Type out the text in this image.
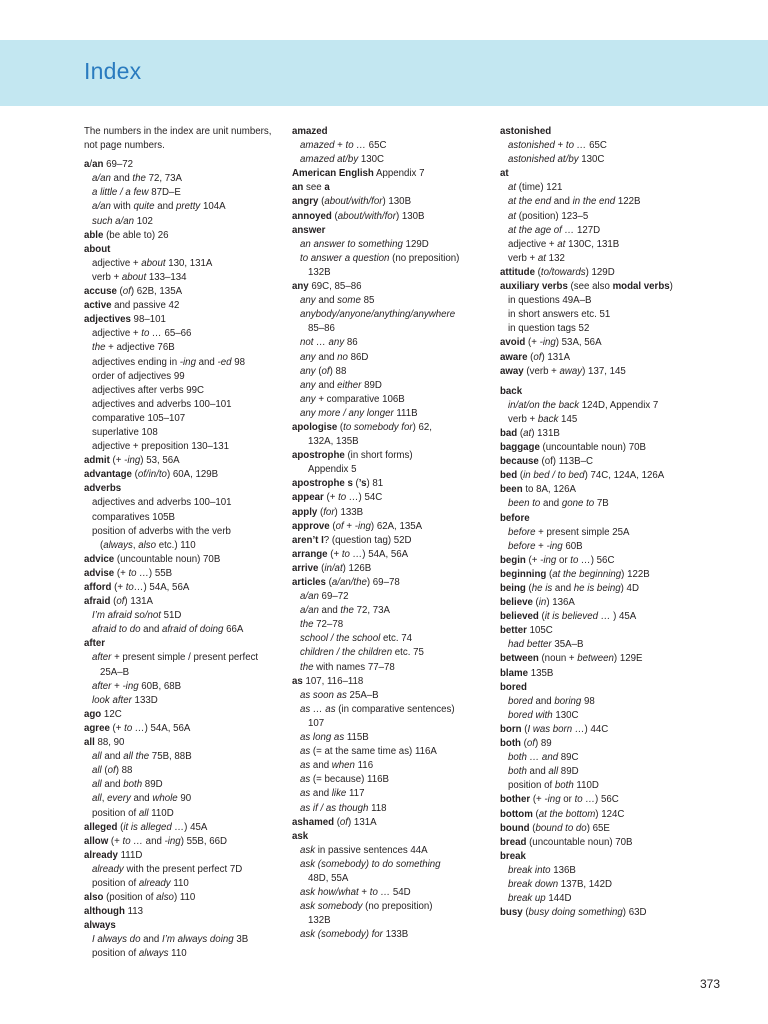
Index
The numbers in the index are unit numbers, not page numbers.
a/an 69–72
a/an and the 72, 73A
a little / a few 87D–E
a/an with quite and pretty 104A
such a/an 102
able (be able to) 26
about
adjective + about 130, 131A
verb + about 133–134
accuse (of) 62B, 135A
active and passive 42
adjectives 98–101
adjective + to … 65–66
the + adjective 76B
adjectives ending in -ing and -ed 98
order of adjectives 99
adjectives after verbs 99C
adjectives and adverbs 100–101
comparative 105–107
superlative 108
adjective + preposition 130–131
admit (+ -ing) 53, 56A
advantage (of/in/to) 60A, 129B
adverbs
adjectives and adverbs 100–101
comparatives 105B
position of adverbs with the verb
(always, also etc.) 110
advice (uncountable noun) 70B
advise (+ to …) 55B
afford (+ to…) 54A, 56A
afraid (of) 131A
I’m afraid so/not 51D
afraid to do and afraid of doing 66A
after
after + present simple / present perfect
25A–B
after + -ing 60B, 68B
look after 133D
ago 12C
agree (+ to …) 54A, 56A
all 88, 90
all and all the 75B, 88B
all (of) 88
all and both 89D
all, every and whole 90
position of all 110D
alleged (it is alleged …) 45A
allow (+ to … and -ing) 55B, 66D
already 111D
already with the present perfect 7D
position of already 110
also (position of also) 110
although 113
always
I always do and I’m always doing 3B
position of always 110
amazed
amazed + to … 65C
amazed at/by 130C
American English Appendix 7
an see a
angry (about/with/for) 130B
annoyed (about/with/for) 130B
answer
an answer to something 129D
to answer a question (no preposition)
132B
any 69C, 85–86
any and some 85
anybody/anyone/anything/anywhere
85–86
not … any 86
any and no 86D
any (of) 88
any and either 89D
any + comparative 106B
any more / any longer 111B
apologise (to somebody for) 62,
132A, 135B
apostrophe (in short forms)
Appendix 5
apostrophe s (’s) 81
appear (+ to …) 54C
apply (for) 133B
approve (of + -ing) 62A, 135A
aren’t I? (question tag) 52D
arrange (+ to …) 54A, 56A
arrive (in/at) 126B
articles (a/an/the) 69–78
a/an 69–72
a/an and the 72, 73A
the 72–78
school / the school etc. 74
children / the children etc. 75
the with names 77–78
as 107, 116–118
as soon as 25A–B
as … as (in comparative sentences)
107
as long as 115B
as (= at the same time as) 116A
as and when 116
as (= because) 116B
as and like 117
as if / as though 118
ashamed (of) 131A
ask
ask in passive sentences 44A
ask (somebody) to do something
48D, 55A
ask how/what + to … 54D
ask somebody (no preposition)
132B
ask (somebody) for 133B
astonished
astonished + to … 65C
astonished at/by 130C
at
at (time) 121
at the end and in the end 122B
at (position) 123–5
at the age of … 127D
adjective + at 130C, 131B
verb + at 132
attitude (to/towards) 129D
auxiliary verbs (see also modal verbs)
in questions 49A–B
in short answers etc. 51
in question tags 52
avoid (+ -ing) 53A, 56A
aware (of) 131A
away (verb + away) 137, 145
back
in/at/on the back 124D, Appendix 7
verb + back 145
bad (at) 131B
baggage (uncountable noun) 70B
because (of) 113B–C
bed (in bed / to bed) 74C, 124A, 126A
been to 8A, 126A
been to and gone to 7B
before
before + present simple 25A
before + -ing 60B
begin (+ -ing or to …) 56C
beginning (at the beginning) 122B
being (he is and he is being) 4D
believe (in) 136A
believed (it is believed … ) 45A
better 105C
had better 35A–B
between (noun + between) 129E
blame 135B
bored
bored and boring 98
bored with 130C
born (I was born …) 44C
both (of) 89
both … and 89C
both and all 89D
position of both 110D
bother (+ -ing or to …) 56C
bottom (at the bottom) 124C
bound (bound to do) 65E
bread (uncountable noun) 70B
break
break into 136B
break down 137B, 142D
break up 144D
busy (busy doing something) 63D
373
